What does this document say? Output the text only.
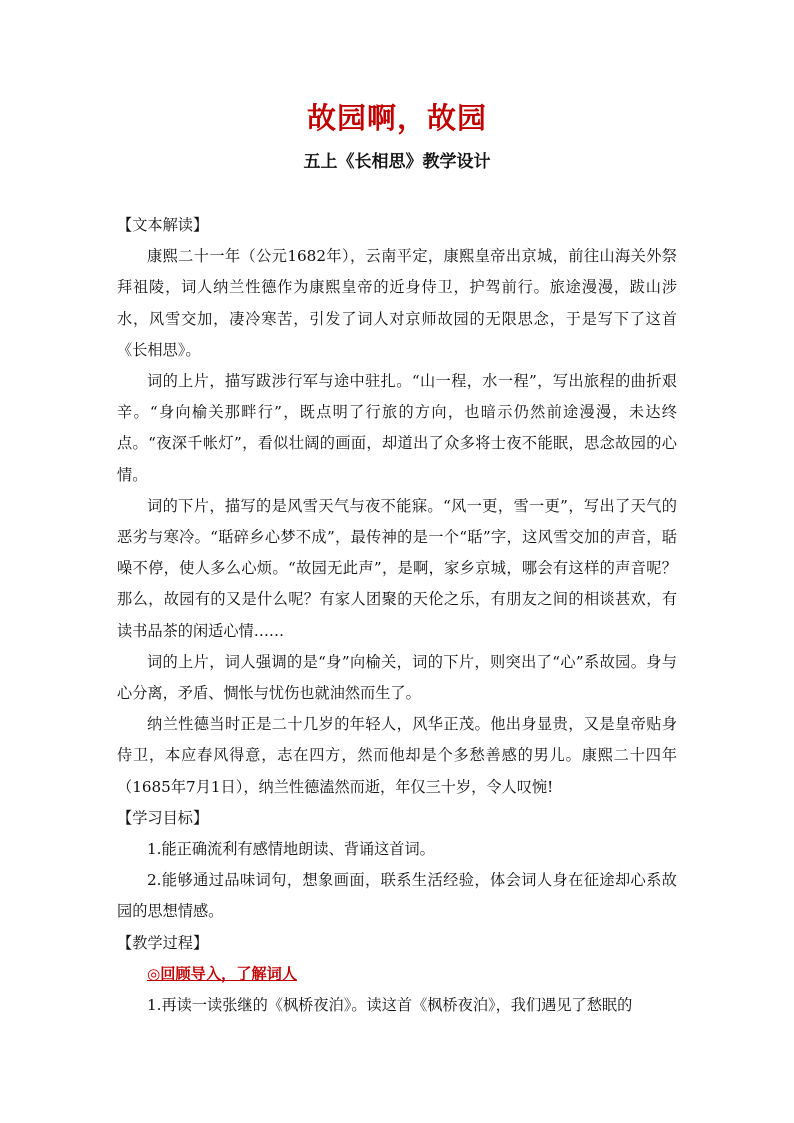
故园啊，故园
五上《长相思》教学设计

【文本解读】

康熙二十一年（公元1682年），云南平定，康熙皇帝出京城，前往山海关外祭拜祖陵，词人纳兰性德作为康熙皇帝的近身侍卫，护驾前行。旅途漫漫，跋山涉水，风雪交加，凄冷寒苦，引发了词人对京师故园的无限思念，于是写下了这首《长相思》。

词的上片，描写跋涉行军与途中驻扎。“山一程，水一程”，写出旅程的曲折艰辛。“身向榆关那畔行”，既点明了行旅的方向，也暗示仍然前途漫漫，未达终点。“夜深千帐灯”，看似壮阔的画面，却道出了众多将士夜不能眠，思念故园的心情。

词的下片，描写的是风雪天气与夜不能寐。“风一更，雪一更”，写出了天气的恶劣与寒冷。“聒碎乡心梦不成”，最传神的是一个“聒”字，这风雪交加的声音，聒噪不停，使人多么心烦。“故园无此声”，是啊，家乡京城，哪会有这样的声音呢？那么，故园有的又是什么呢？有家人团聚的天伦之乐，有朋友之间的相谈甚欢，有读书品茶的闲适心情……

词的上片，词人强调的是“身”向榆关，词的下片，则突出了“心”系故园。身与心分离，矛盾、惆怅与忧伤也就油然而生了。

纳兰性德当时正是二十几岁的年轻人，风华正茂。他出身显贵，又是皇帝贴身侍卫，本应春风得意，志在四方，然而他却是个多愁善感的男儿。康熙二十四年（1685年7月1日），纳兰性德溘然而逝，年仅三十岁，令人叹惋!

【学习目标】

1.能正确流利有感情地朗读、背诵这首词。

2.能够通过品味词句，想象画面，联系生活经验，体会词人身在征途却心系故园的思想情感。

【教学过程】

◎回顾导入，了解词人

1.再读一读张继的《枫桥夜泊》。读这首《枫桥夜泊》，我们遇见了愁眠的
